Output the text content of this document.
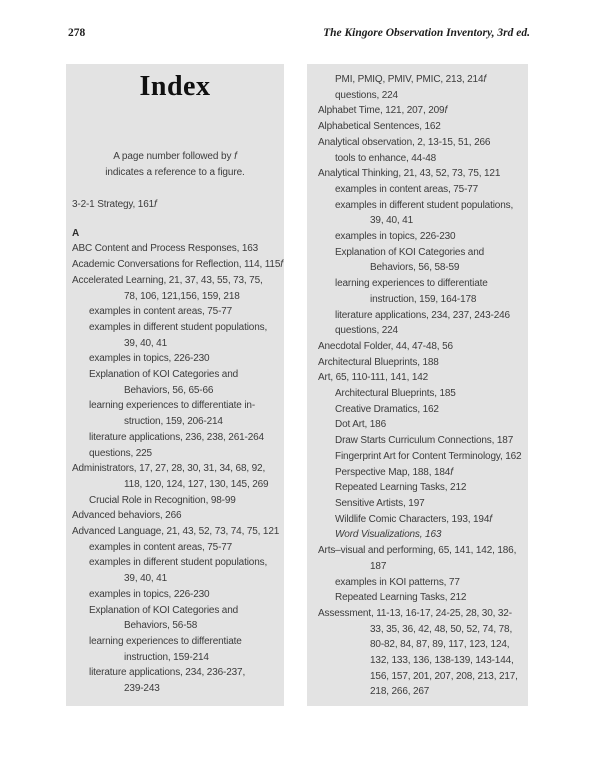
278	The Kingore Observation Inventory, 3rd ed.
Index
A page number followed by f
indicates a reference to a figure.
3-2-1 Strategy, 161f
A
ABC Content and Process Responses, 163
Academic Conversations for Reflection, 114, 115f
Accelerated Learning, 21, 37, 43, 55, 73, 75,
78, 106, 121,156, 159, 218
examples in content areas, 75-77
examples in different student populations,
39, 40, 41
examples in topics, 226-230
Explanation of KOI Categories and
Behaviors, 56, 65-66
learning experiences to differentiate in-
struction, 159, 206-214
literature applications, 236, 238, 261-264
questions, 225
Administrators, 17, 27, 28, 30, 31, 34, 68, 92,
118, 120, 124, 127, 130, 145, 269
Crucial Role in Recognition, 98-99
Advanced behaviors, 266
Advanced Language, 21, 43, 52, 73, 74, 75, 121
examples in content areas, 75-77
examples in different student populations,
39, 40, 41
examples in topics, 226-230
Explanation of KOI Categories and
Behaviors, 56-58
learning experiences to differentiate
instruction, 159-214
literature applications, 234, 236-237,
239-243
PMI, PMIQ, PMIV, PMIC, 213, 214f
questions, 224
Alphabet Time, 121, 207, 209f
Alphabetical Sentences, 162
Analytical observation, 2, 13-15, 51, 266
tools to enhance, 44-48
Analytical Thinking, 21, 43, 52, 73, 75, 121
examples in content areas, 75-77
examples in different student populations,
39, 40, 41
examples in topics, 226-230
Explanation of KOI Categories and
Behaviors, 56, 58-59
learning experiences to differentiate
instruction, 159, 164-178
literature applications, 234, 237, 243-246
questions, 224
Anecdotal Folder, 44, 47-48, 56
Architectural Blueprints, 188
Art, 65, 110-111, 141, 142
Architectural Blueprints, 185
Creative Dramatics, 162
Dot Art, 186
Draw Starts Curriculum Connections, 187
Fingerprint Art for Content Terminology, 162
Perspective Map, 188, 184f
Repeated Learning Tasks, 212
Sensitive Artists, 197
Wildlife Comic Characters, 193, 194f
Word Visualizations, 163
Arts–visual and performing, 65, 141, 142, 186,
187
examples in KOI patterns, 77
Repeated Learning Tasks, 212
Assessment, 11-13, 16-17, 24-25, 28, 30, 32-
33, 35, 36, 42, 48, 50, 52, 74, 78,
80-82, 84, 87, 89, 117, 123, 124,
132, 133, 136, 138-139, 143-144,
156, 157, 201, 207, 208, 213, 217,
218, 266, 267
